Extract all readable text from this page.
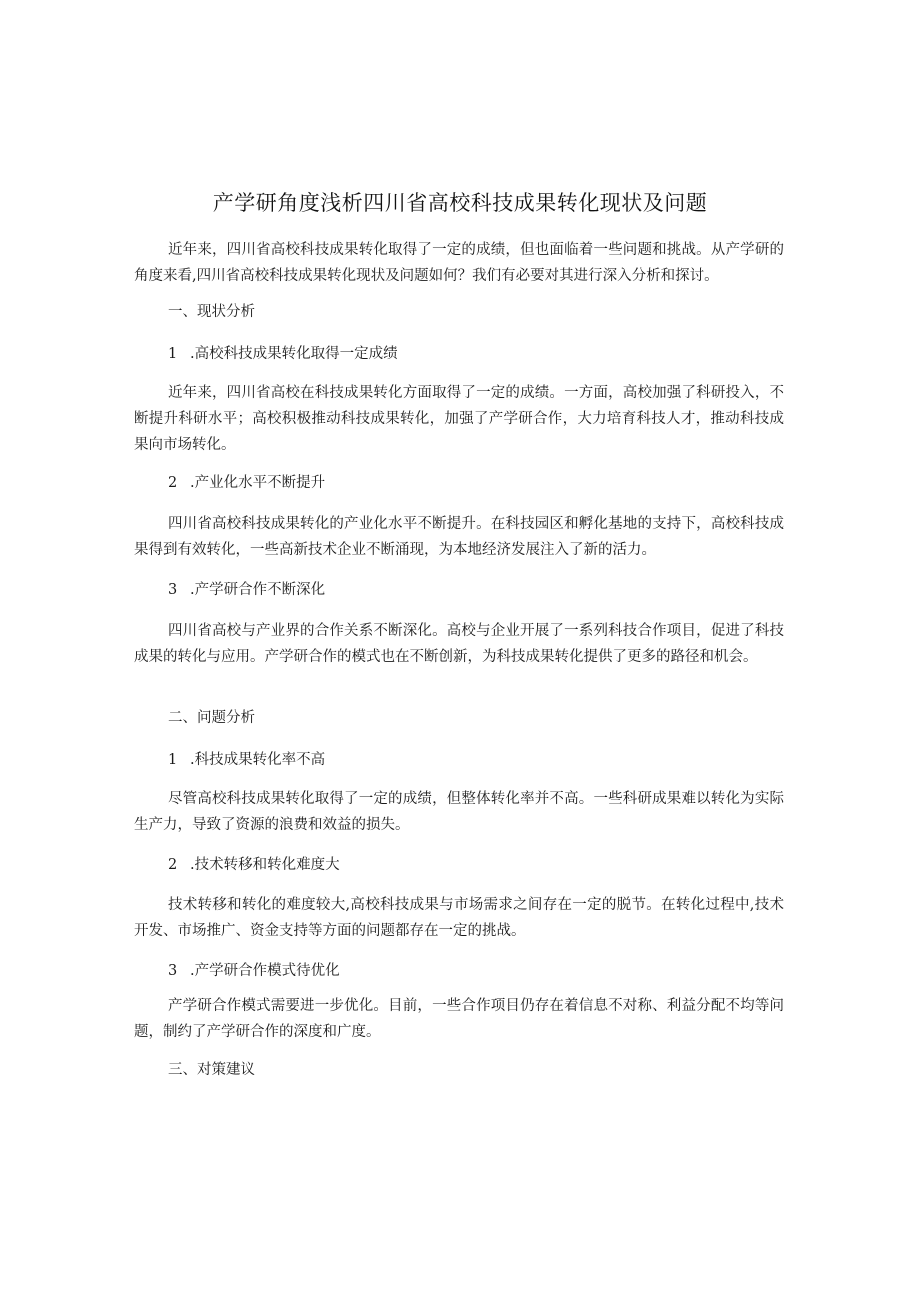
产学研角度浅析四川省高校科技成果转化现状及问题

近年来，四川省高校科技成果转化取得了一定的成绩，但也面临着一些问题和挑战。从产学研的角度来看,四川省高校科技成果转化现状及问题如何？我们有必要对其进行深入分析和探讨。

一、现状分析

1 .高校科技成果转化取得一定成绩

近年来，四川省高校在科技成果转化方面取得了一定的成绩。一方面，高校加强了科研投入，不断提升科研水平；高校积极推动科技成果转化，加强了产学研合作，大力培育科技人才，推动科技成果向市场转化。

2 .产业化水平不断提升

四川省高校科技成果转化的产业化水平不断提升。在科技园区和孵化基地的支持下，高校科技成果得到有效转化，一些高新技术企业不断涌现，为本地经济发展注入了新的活力。

3 .产学研合作不断深化

四川省高校与产业界的合作关系不断深化。高校与企业开展了一系列科技合作项目，促进了科技成果的转化与应用。产学研合作的模式也在不断创新，为科技成果转化提供了更多的路径和机会。

二、问题分析

1 .科技成果转化率不高

尽管高校科技成果转化取得了一定的成绩，但整体转化率并不高。一些科研成果难以转化为实际生产力，导致了资源的浪费和效益的损失。

2 .技术转移和转化难度大

技术转移和转化的难度较大,高校科技成果与市场需求之间存在一定的脱节。在转化过程中,技术开发、市场推广、资金支持等方面的问题都存在一定的挑战。

3 .产学研合作模式待优化

产学研合作模式需要进一步优化。目前，一些合作项目仍存在着信息不对称、利益分配不均等问题，制约了产学研合作的深度和广度。

三、对策建议
